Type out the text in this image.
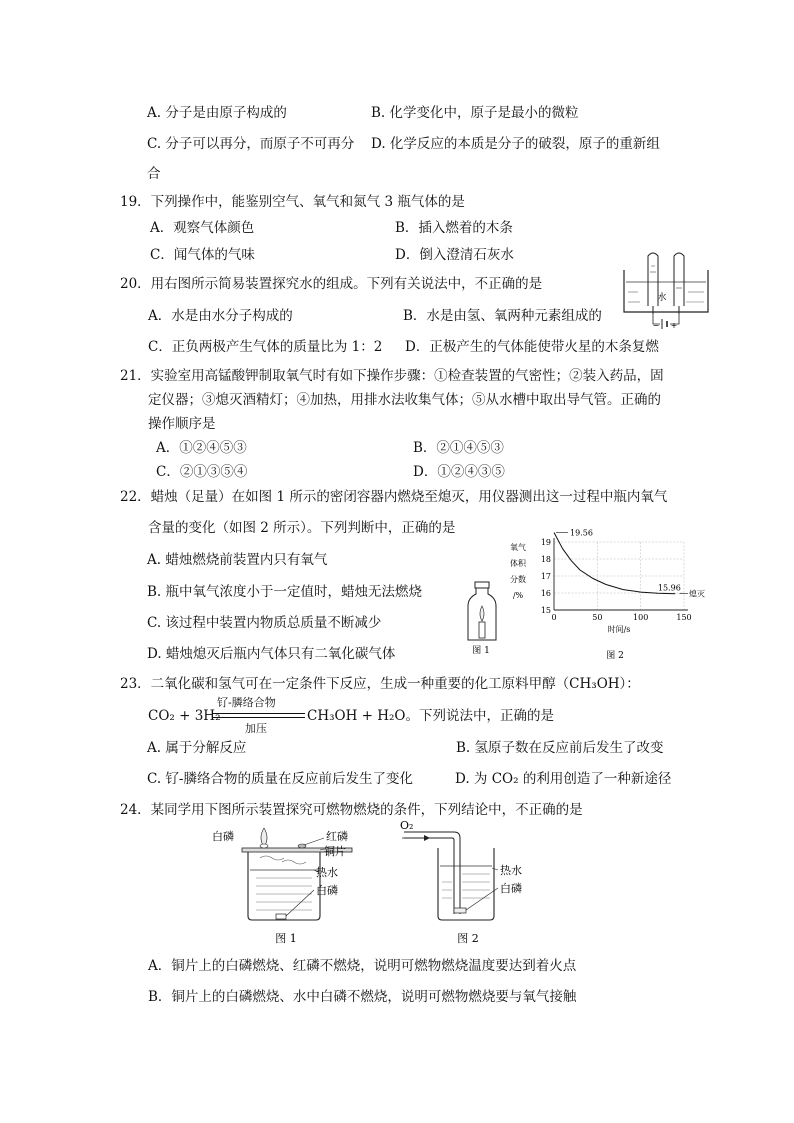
A. 分子是由原子构成的	B. 化学变化中，原子是最小的微粒
C. 分子可以再分，而原子不可再分 D. 化学反应的本质是分子的破裂，原子的重新组
合
19．下列操作中，能鉴别空气、氧气和氮气 3 瓶气体的是
A．观察气体颜色	B．插入燃着的木条
C．闻气体的气味	D．倒入澄清石灰水
20．用右图所示简易装置探究水的组成。下列有关说法中，不正确的是
A．水是由水分子构成的	B．水是由氢、氧两种元素组成的
C．正负两极产生气体的质量比为 1：2 D．正极产生的气体能使带火星的木条复燃
水
− +
21．实验室用高锰酸钾制取氧气时有如下操作步骤：①检查装置的气密性；②装入药品，固
定仪器；③熄灭酒精灯；④加热，用排水法收集气体；⑤从水槽中取出导气管。正确的
操作顺序是
A．①②④⑤③	B．②①④⑤③
C．②①③⑤④	D．①②④③⑤
22．蜡烛（足量）在如图 1 所示的密闭容器内燃烧至熄灭，用仪器测出这一过程中瓶内氧气
含量的变化（如图 2 所示）。下列判断中，正确的是
A. 蜡烛燃烧前装置内只有氧气
B. 瓶中氧气浓度小于一定值时，蜡烛无法燃烧
C. 该过程中装置内物质总质量不断减少
D. 蜡烛熄灭后瓶内气体只有二氧化碳气体	图 1
15
16
17
18
19
0	50	100	150
氧气
体积
分数
/%
时间/s
19.56
15.96
熄灭
图 2
23．二氧化碳和氢气可在一定条件下反应，生成一种重要的化工原料甲醇（CH₃OH）：
CO₂ + 3H₂
钌-膦络合物
加压
CH₃OH + H₂O。下列说法中，正确的是
A. 属于分解反应	B. 氢原子数在反应前后发生了改变
C. 钌-膦络合物的质量在反应前后发生了变化	D. 为 CO₂ 的利用创造了一种新途径
24．某同学用下图所示装置探究可燃物燃烧的条件，下列结论中，不正确的是
白磷	红磷
铜片
热水
白磷
图 1
O₂
热水
白磷
图 2
A．铜片上的白磷燃烧、红磷不燃烧，说明可燃物燃烧温度要达到着火点
B．铜片上的白磷燃烧、水中白磷不燃烧，说明可燃物燃烧要与氧气接触
